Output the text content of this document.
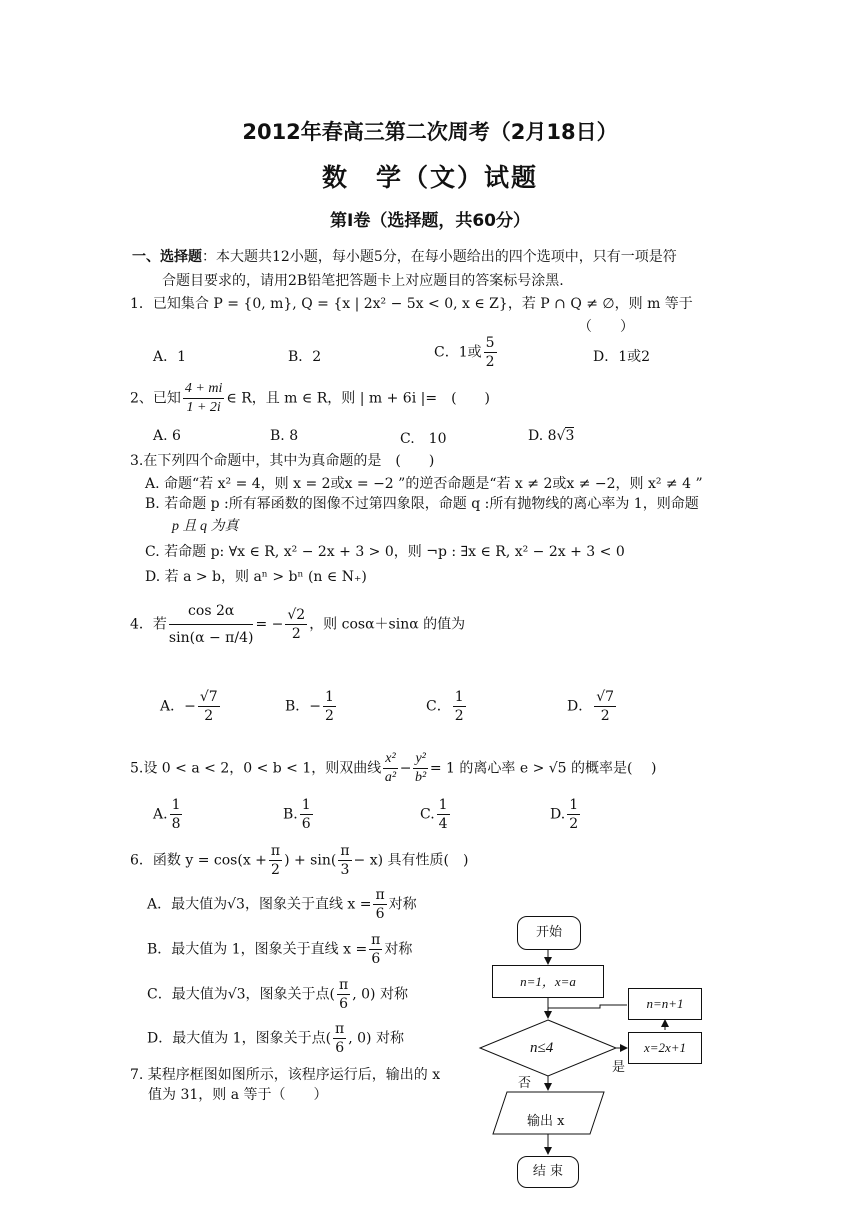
2012年春高三第二次周考（2月18日）
数　学（文）试题
第Ⅰ卷（选择题，共60分）
一、选择题：本大题共12小题，每小题5分，在每小题给出的四个选项中，只有一项是符
合题目要求的，请用2B铅笔把答题卡上对应题目的答案标号涂黑.
1．已知集合 P = {0, m}, Q = {x | 2x² − 5x < 0, x ∈ Z}，若 P ∩ Q ≠ ∅，则 m 等于
（　　）
A．1	B．2	C．1或 $\frac{5}{2}$	D．1或2
2、已知 $\frac{4 + mi}{1 + 2i}$ ∈ R，且 m ∈ R，则 | m + 6i |=　(　　)
A. 6	B. 8	C.　10	D. 8√3
3.在下列四个命题中，其中为真命题的是　(　　)
A. 命题“若 x² = 4，则 x = 2或x = −2 ”的逆否命题是“若 x ≠ 2或x ≠ −2，则 x² ≠ 4 ”
B. 若命题 p :所有幂函数的图像不过第四象限，命题 q :所有抛物线的离心率为 1，则命题
p 且 q 为真
C. 若命题 p: ∀x ∈ R, x² − 2x + 3 > 0，则 ¬p : ∃x ∈ R, x² − 2x + 3 < 0
D. 若 a > b，则 aⁿ > bⁿ (n ∈ N₊)
4．若 $\frac{\cos 2\alpha}{\sin(\alpha - \pi/4)}$ = − $\frac{√2}{2}$ ，则 cosα＋sinα 的值为
A．− $\frac{√7}{2}$	B．− $\frac{1}{2}$	C． $\frac{1}{2}$	D． $\frac{√7}{2}$
5.设 0 < a < 2，0 < b < 1，则双曲线 $\frac{\text{x²}}{\text{a²}} - \frac{\text{y²}}{\text{b²}} = 1$ 的离心率 e > √5 的概率是(　 )
A. $\frac{1}{8}$	B. $\frac{1}{6}$	C. $\frac{1}{4}$	D. $\frac{1}{2}$
6．函数 $y = \cos(x + \frac{\pi}{2}$ ) + $\sin( \frac{\pi}{3} - x)$ 具有性质(　)
A．最大值为√3，图象关于直线 $x = \frac{\pi}{6}$ 对称
B．最大值为 1，图象关于直线 $x = \frac{\pi}{6}$ 对称
C．最大值为√3，图象关于点( $\frac{\pi}{6}$ , 0) 对称
D．最大值为 1，图象关于点( $\frac{\pi}{6}$ , 0) 对称
7. 某程序框图如图所示，该程序运行后，输出的 x
值为 31，则 a 等于（　　）
开始
n=1，x=a
n=n+1
x=2x+1
n≤4
是
否
输出 x
结 束
